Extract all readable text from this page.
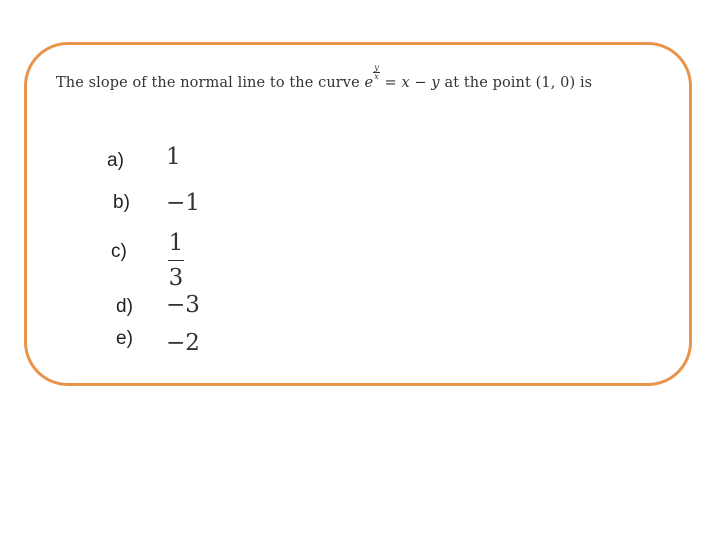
The slope of the normal line to the curve e
$\frac{y}{x}$
= x − y at the point (1, 0) is
a) 1
b) −1
c) 1
3
d) −3
e) −2
